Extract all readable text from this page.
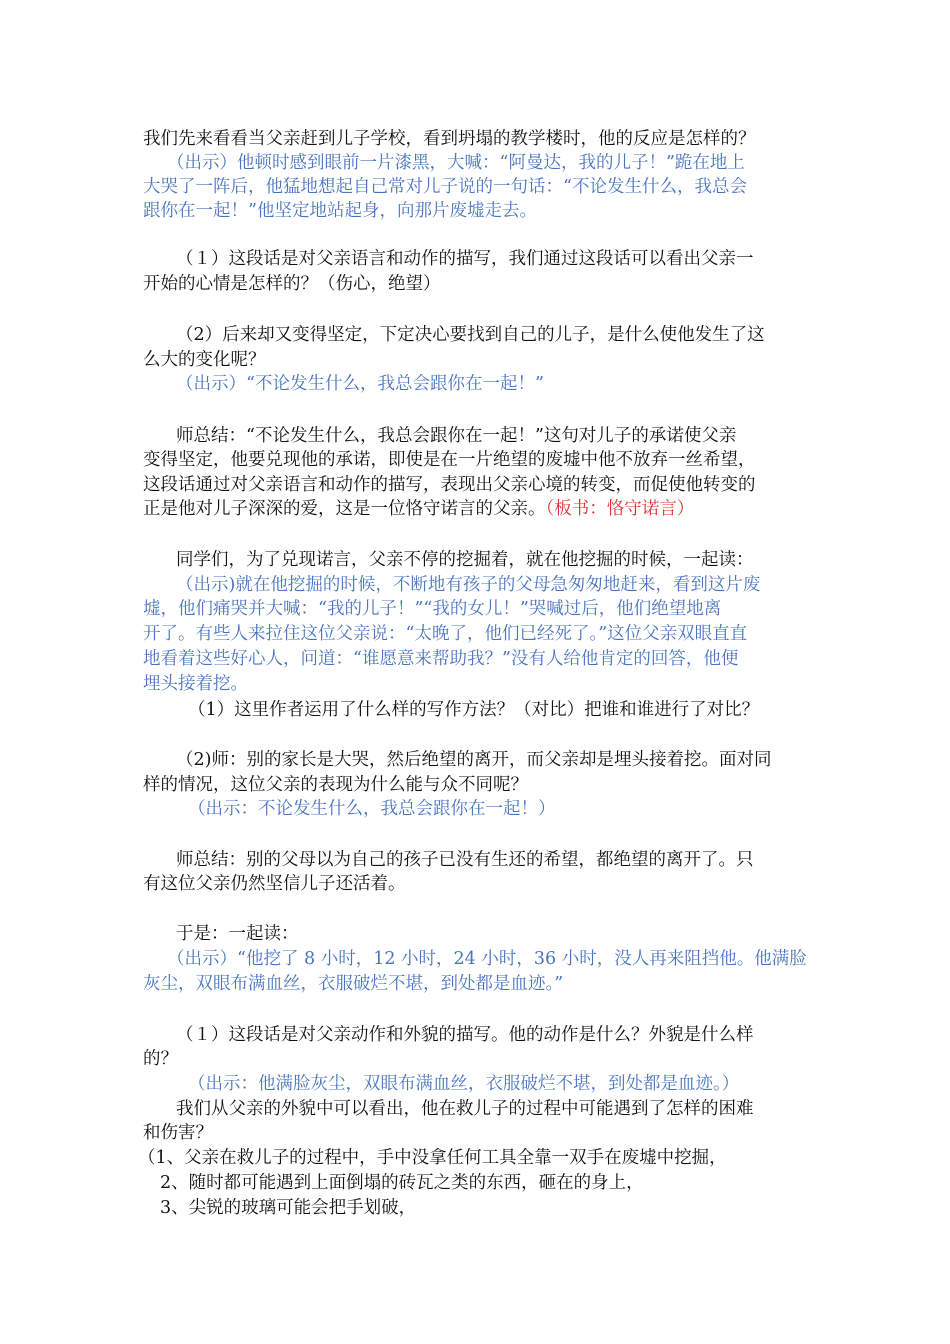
我们先来看看当父亲赶到儿子学校，看到坍塌的教学楼时，他的反应是怎样的？
（出示）他顿时感到眼前一片漆黑，大喊：“阿曼达，我的儿子！”跪在地上
大哭了一阵后，他猛地想起自己常对儿子说的一句话：“不论发生什么，我总会
跟你在一起！”他坚定地站起身，向那片废墟走去。
（１）这段话是对父亲语言和动作的描写，我们通过这段话可以看出父亲一
开始的心情是怎样的？（伤心，绝望）
（2）后来却又变得坚定，下定决心要找到自己的儿子，是什么使他发生了这
么大的变化呢？
（出示）“不论发生什么，我总会跟你在一起！”
师总结：“不论发生什么，我总会跟你在一起！”这句对儿子的承诺使父亲
变得坚定，他要兑现他的承诺，即使是在一片绝望的废墟中他不放弃一丝希望，
这段话通过对父亲语言和动作的描写，表现出父亲心境的转变，而促使他转变的
正是他对儿子深深的爱，这是一位恪守诺言的父亲。（板书：恪守诺言）
同学们，为了兑现诺言，父亲不停的挖掘着，就在他挖掘的时候，一起读：
（出示)就在他挖掘的时候，不断地有孩子的父母急匆匆地赶来，看到这片废
墟，他们痛哭并大喊：“我的儿子！”“我的女儿！”哭喊过后，他们绝望地离
开了。有些人来拉住这位父亲说：“太晚了，他们已经死了。”这位父亲双眼直直
地看着这些好心人，问道：“谁愿意来帮助我？”没有人给他肯定的回答，他便
埋头接着挖。
（1）这里作者运用了什么样的写作方法？（对比）把谁和谁进行了对比？
（2)师：别的家长是大哭，然后绝望的离开，而父亲却是埋头接着挖。面对同
样的情况，这位父亲的表现为什么能与众不同呢？
（出示：不论发生什么，我总会跟你在一起！）
师总结：别的父母以为自己的孩子已没有生还的希望，都绝望的离开了。只
有这位父亲仍然坚信儿子还活着。
于是：一起读：
（出示）“他挖了 8 小时，12 小时，24 小时，36 小时，没人再来阻挡他。他满脸
灰尘，双眼布满血丝，衣服破烂不堪，到处都是血迹。”
（１）这段话是对父亲动作和外貌的描写。他的动作是什么？外貌是什么样
的？
（出示：他满脸灰尘，双眼布满血丝，衣服破烂不堪，到处都是血迹。）
我们从父亲的外貌中可以看出，他在救儿子的过程中可能遇到了怎样的困难
和伤害？
（1、父亲在救儿子的过程中，手中没拿任何工具全靠一双手在废墟中挖掘，
2、随时都可能遇到上面倒塌的砖瓦之类的东西，砸在的身上，
3、尖锐的玻璃可能会把手划破，
